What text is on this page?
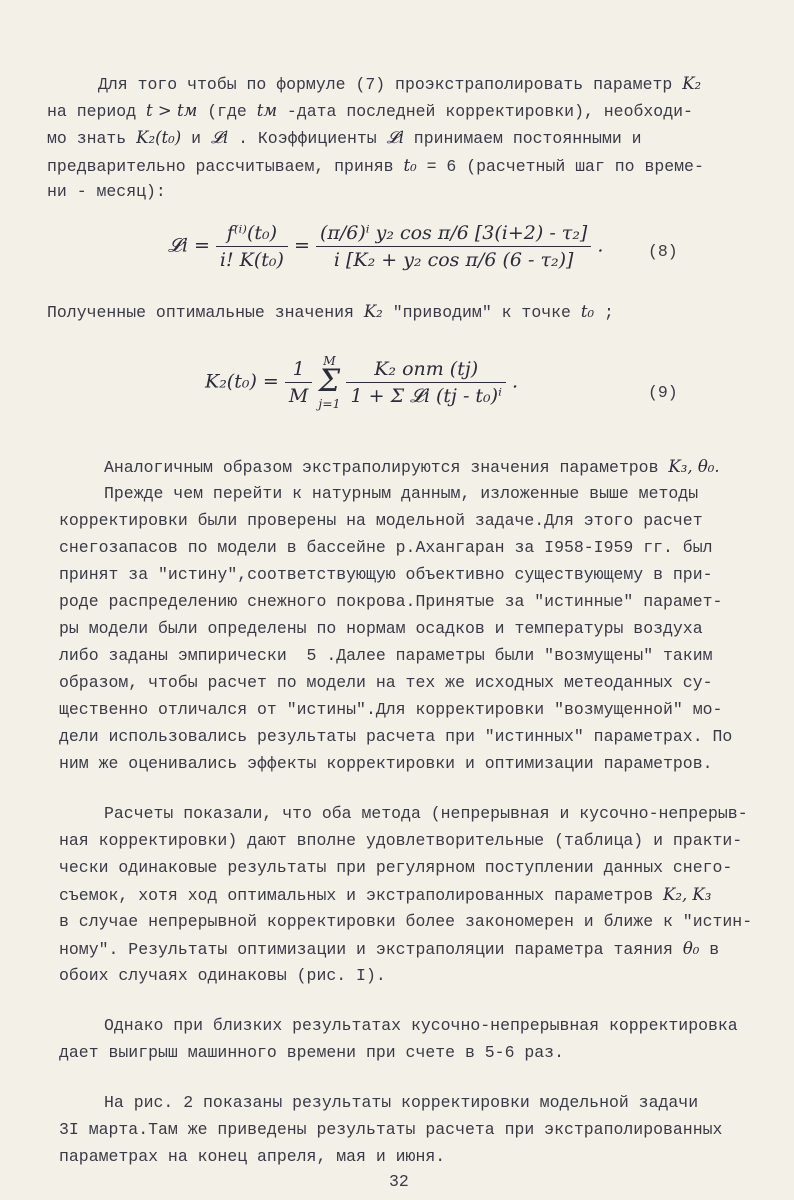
Для того чтобы по формуле (7) проэкстраполировать параметр K₂
на период t > tм (где tм -дата последней корректировки), необходи-
мо знать K₂(t₀) и 𝓛i . Коэффициенты 𝓛i принимаем постоянными и
предварительно рассчитываем, приняв t₀ = 6 (расчетный шаг по време-
ни - месяц):
𝓛i = $\frac{\text{f⁽ⁱ⁾(t₀)}}{\text{i! K(t₀)}} = \frac{\text{(π/6)ⁱ y₂ cos π/6 [3(i+2) - τ₂]}}{\text{i [K₂ + y₂ cos π/6 (6 - τ₂)]}}$ .	(8)
Полученные оптимальные значения K₂ "приводим" к точке t₀ ;
$K_2(t_0) = \frac{1}{M}$
M
Σ
j=1
$\frac{\text{K₂ опт (tj)}}{\text{1 + Σ 𝓛i (tj - t₀)ⁱ}}$ .	(9)
Аналогичным образом экстраполируются значения параметров K₃, θ₀.
Прежде чем перейти к натурным данным, изложенные выше методы
корректировки были проверены на модельной задаче.Для этого расчет
снегозапасов по модели в бассейне р.Ахангаран за I958-I959 гг. был
принят за "истину",соответствующую объективно существующему в при-
роде распределению снежного покрова.Принятые за "истинные" парамет-
ры модели были определены по нормам осадков и температуры воздуха
либо заданы эмпирически  5 .Далее параметры были "возмущены" таким
образом, чтобы расчет по модели на тех же исходных метеоданных су-
щественно отличался от "истины".Для корректировки "возмущенной" мо-
дели использовались результаты расчета при "истинных" параметрах. По
ним же оценивались эффекты корректировки и оптимизации параметров.
Расчеты показали, что оба метода (непрерывная и кусочно-непрерыв-
ная корректировки) дают вполне удовлетворительные (таблица) и практи-
чески одинаковые результаты при регулярном поступлении данных снего-
съемок, хотя ход оптимальных и экстраполированных параметров K₂, K₃
в случае непрерывной корректировки более закономерен и ближе к "истин-
ному". Результаты оптимизации и экстраполяции параметра таяния θ₀ в
обоих случаях одинаковы (рис. I).
Однако при близких результатах кусочно-непрерывная корректировка
дает выигрыш машинного времени при счете в 5-6 раз.
На рис. 2 показаны результаты корректировки модельной задачи
3I марта.Там же приведены результаты расчета при экстраполированных
параметрах на конец апреля, мая и июня.
32
